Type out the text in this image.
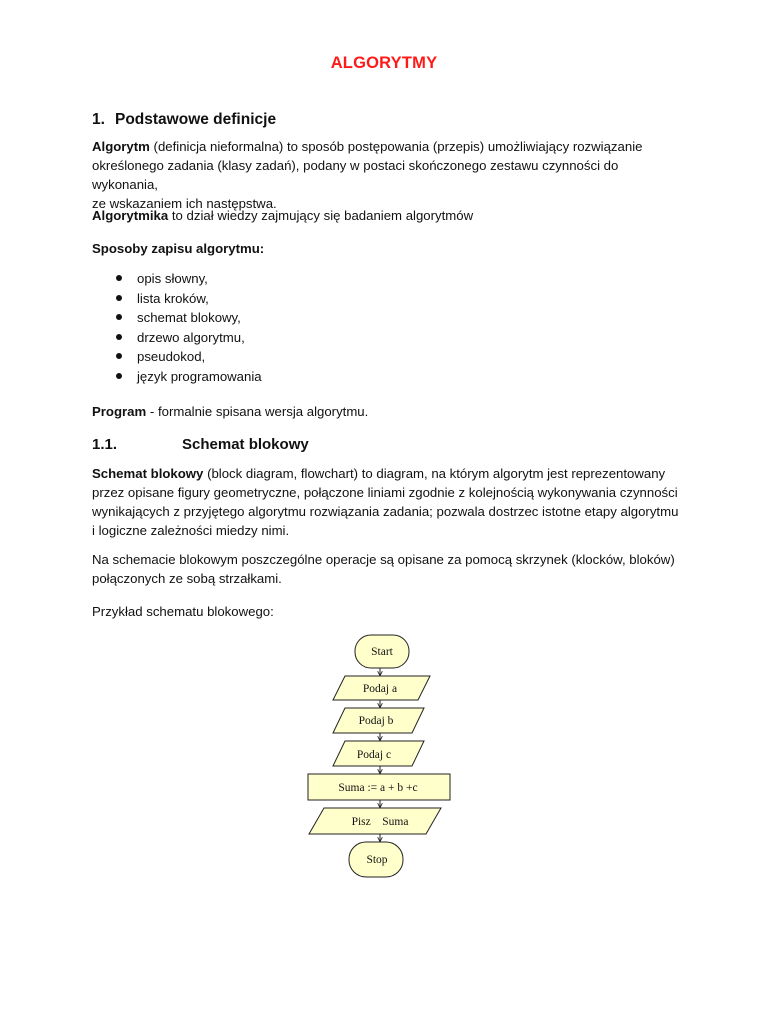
ALGORYTMY
1. Podstawowe definicje

Algorytm (definicja nieformalna) to sposób postępowania (przepis) umożliwiający rozwiązanie
określonego zadania (klasy zadań), podany w postaci skończonego zestawu czynności do wykonania,
ze wskazaniem ich następstwa.

Algorytmika to dział wiedzy zajmujący się badaniem algorytmów

Sposoby zapisu algorytmu:

opis słowny,
lista kroków,
schemat blokowy,
drzewo algorytmu,
pseudokod,
język programowania

Program - formalnie spisana wersja algorytmu.

1.1.	Schemat blokowy

Schemat blokowy (block diagram, flowchart) to diagram, na którym algorytm jest reprezentowany
przez opisane figury geometryczne, połączone liniami zgodnie z kolejnością wykonywania czynności
wynikających z przyjętego algorytmu rozwiązania zadania; pozwala dostrzec istotne etapy algorytmu
i logiczne zależności miedzy nimi.

Na schemacie blokowym poszczególne operacje są opisane za pomocą skrzynek (klocków, bloków)
połączonych ze sobą strzałkami.

Przykład schematu blokowego:

Start
Podaj a
Podaj b
Podaj c
Suma := a + b +c
Pisz    Suma
Stop
